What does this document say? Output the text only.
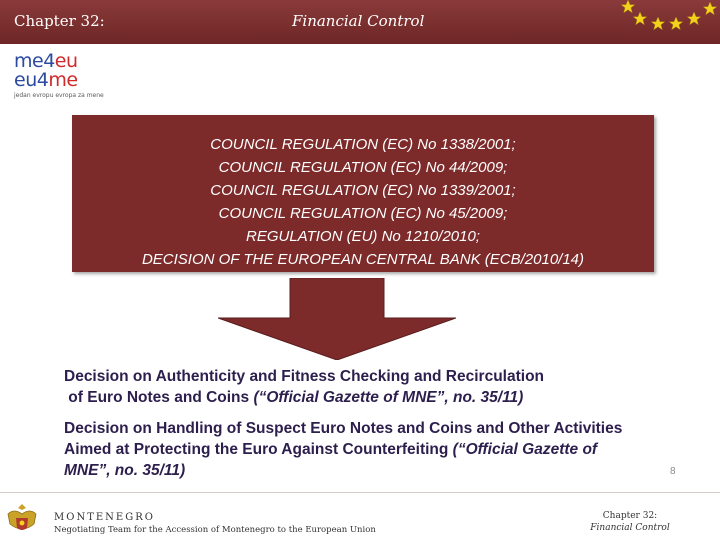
Chapter 32:	Financial Control
me4eu
eu4me
jedan evropu evropa za mene
COUNCIL REGULATION (EC) No 1338/2001;
COUNCIL REGULATION (EC) No 44/2009;
COUNCIL REGULATION (EC) No 1339/2001;
COUNCIL REGULATION (EC) No 45/2009;
REGULATION (EU) No 1210/2010;
DECISION OF THE EUROPEAN CENTRAL BANK (ECB/2010/14)
Decision on Authenticity and Fitness Checking and Recirculation
of Euro Notes and Coins (“Official Gazette of MNE”, no. 35/11)
Decision on Handling of Suspect Euro Notes and Coins and Other Activities
Aimed at Protecting the Euro Against Counterfeiting (“Official Gazette of
MNE”, no. 35/11)	8
MONTENEGRO
Negotiating Team for the Accession of Montenegro to the European Union
Chapter 32:
Financial Control
